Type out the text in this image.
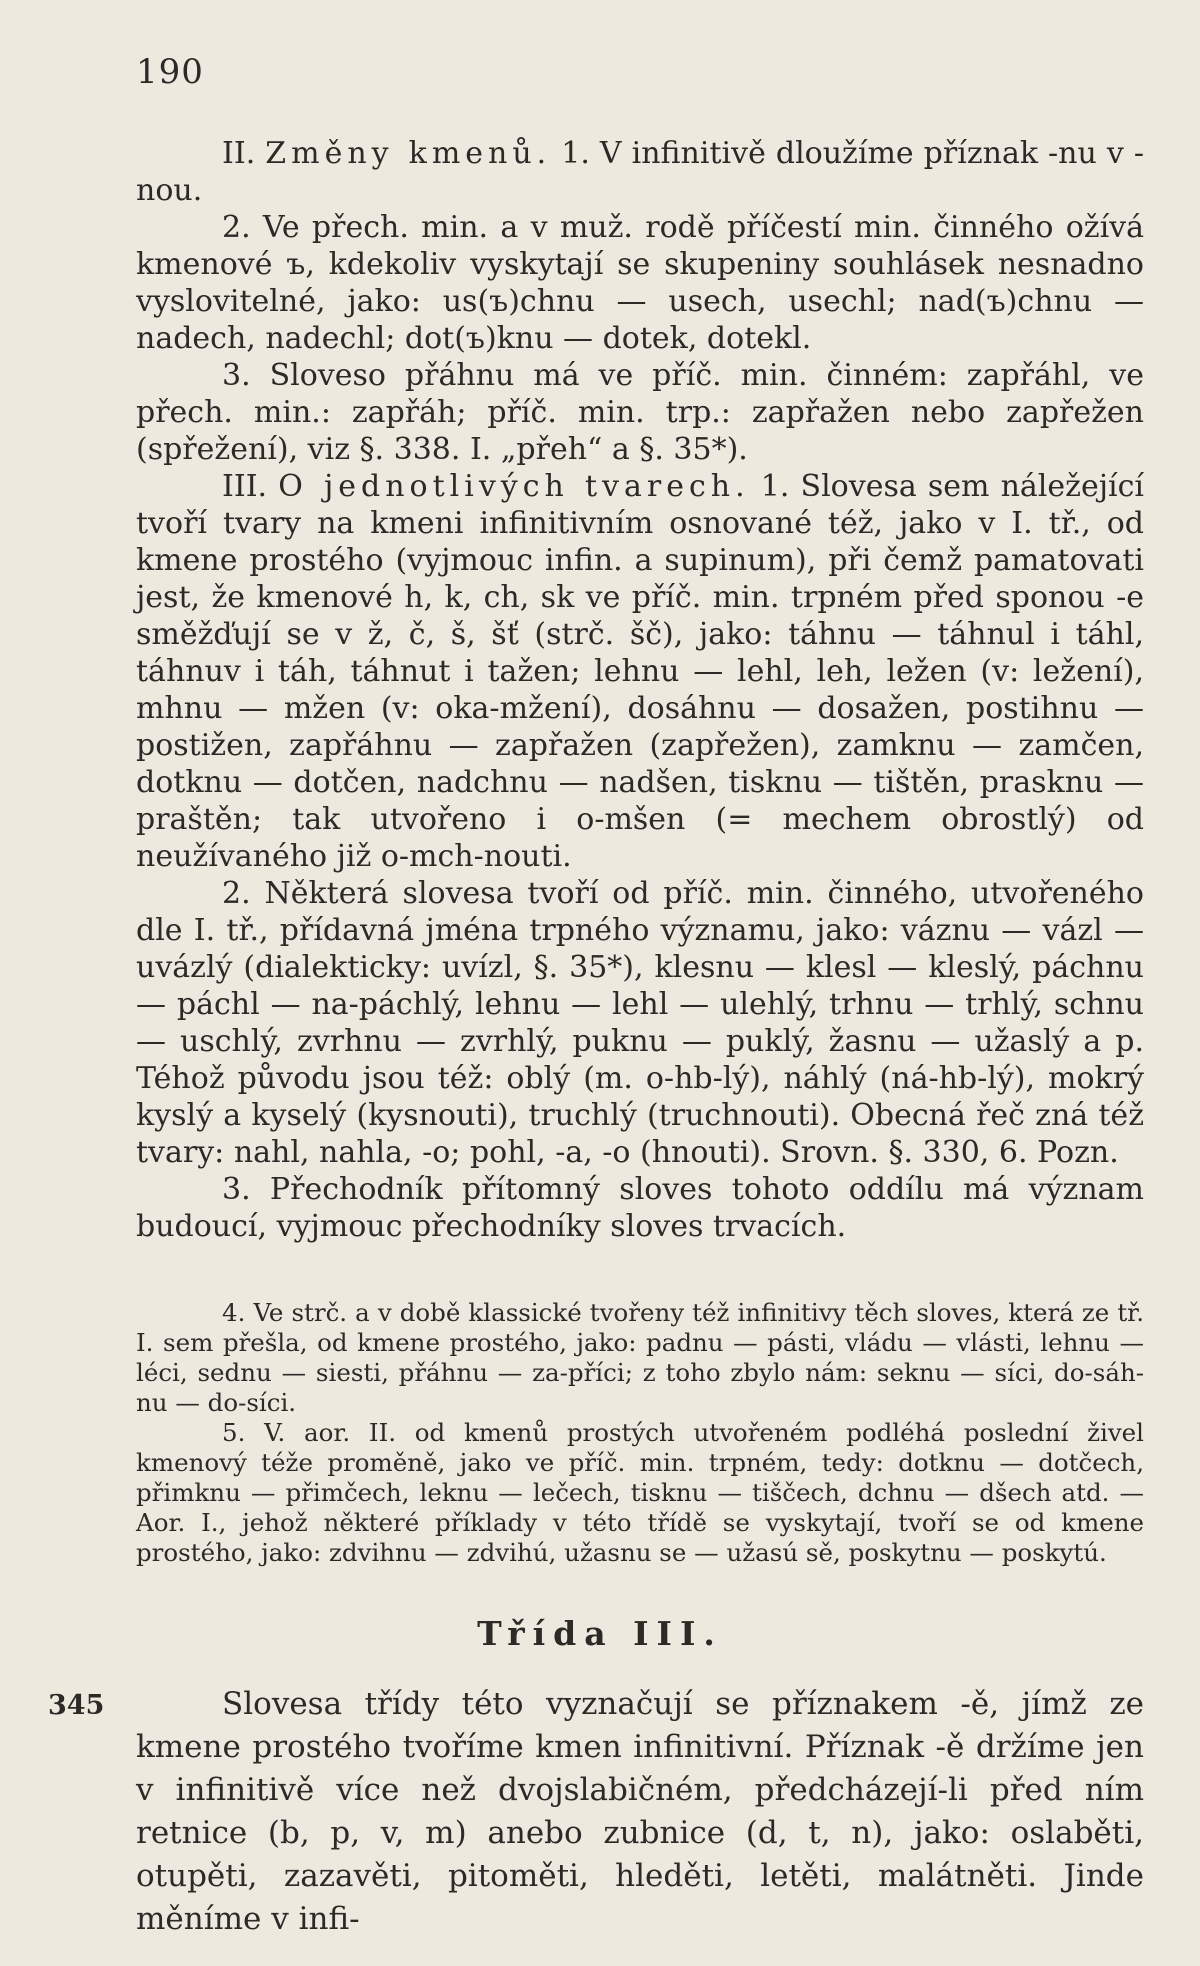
190

II. Změny kmenů. 1. V infinitivě dloužíme příznak -nu v -nou.

2. Ve přech. min. a v muž. rodě příčestí min. činného ožívá kmenové ъ, kdekoliv vyskytají se skupeniny souhlásek nesnadno vyslovitelné, jako: us(ъ)chnu — usech, usechl; nad(ъ)chnu — nadech, nadechl; dot(ъ)knu — dotek, dotekl.

3. Sloveso přáhnu má ve příč. min. činném: zapřáhl, ve přech. min.: zapřáh; příč. min. trp.: zapřažen nebo zapřežen (spřežení), viz §. 338. I. „přeh“ a §. 35*).

III. O jednotlivých tvarech. 1. Slovesa sem náležející tvoří tvary na kmeni infinitivním osnované též, jako v I. tř., od kmene prostého (vyjmouc infin. a supinum), při čemž pamatovati jest, že kmenové h, k, ch, sk ve příč. min. trpném před sponou -e směžďují se v ž, č, š, šť (strč. šč), jako: táhnu — táhnul i táhl, táhnuv i táh, táhnut i tažen; lehnu — lehl, leh, ležen (v: ležení), mhnu — mžen (v: oka-mžení), dosáhnu — dosažen, postihnu — postižen, zapřáhnu — zapřažen (zapřežen), zamknu — zamčen, dotknu — dotčen, nadchnu — nadšen, tisknu — tištěn, prasknu — praštěn; tak utvořeno i o-mšen (= mechem obrostlý) od neužívaného již o-mch-nouti.

2. Některá slovesa tvoří od příč. min. činného, utvořeného dle I. tř., přídavná jména trpného významu, jako: váznu — vázl — uvázlý (dialekticky: uvízl, §. 35*), klesnu — klesl — kleslý, páchnu — páchl — na-páchlý, lehnu — lehl — ulehlý, trhnu — trhlý, schnu — uschlý, zvrhnu — zvrhlý, puknu — puklý, žasnu — užaslý a p. Téhož původu jsou též: oblý (m. o-hb-lý), náhlý (ná-hb-lý), mokrý kyslý a kyselý (kysnouti), truchlý (truchnouti). Obecná řeč zná též tvary: nahl, nahla, -o; pohl, -a, -o (hnouti). Srovn. §. 330, 6. Pozn.

3. Přechodník přítomný sloves tohoto oddílu má význam budoucí, vyjmouc přechodníky sloves trvacích.

4. Ve strč. a v době klassické tvořeny též infinitivy těch sloves, která ze tř. I. sem přešla, od kmene prostého, jako: padnu — pásti, vládu — vlásti, lehnu — léci, sednu — siesti, přáhnu — za-příci; z toho zbylo nám: seknu — síci, do-sáh-nu — do-síci.

5. V. aor. II. od kmenů prostých utvořeném podléhá poslední živel kmenový téže proměně, jako ve příč. min. trpném, tedy: dotknu — dotčech, přimknu — přimčech, leknu — lečech, tisknu — tiščech, dchnu — dšech atd. — Aor. I., jehož některé příklady v této třídě se vyskytají, tvoří se od kmene prostého, jako: zdvihnu — zdvihú, užasnu se — užasú sě, poskytnu — poskytú.

Třída III.
345	Slovesa třídy této vyznačují se příznakem -ě, jímž ze kmene prostého tvoříme kmen infinitivní. Příznak -ě držíme jen v infinitivě více než dvojslabičném, předcházejí-li před ním retnice (b, p, v, m) anebo zubnice (d, t, n), jako: oslaběti, otupěti, zazavěti, pitoměti, hleděti, letěti, malátněti. Jinde měníme v infi-
